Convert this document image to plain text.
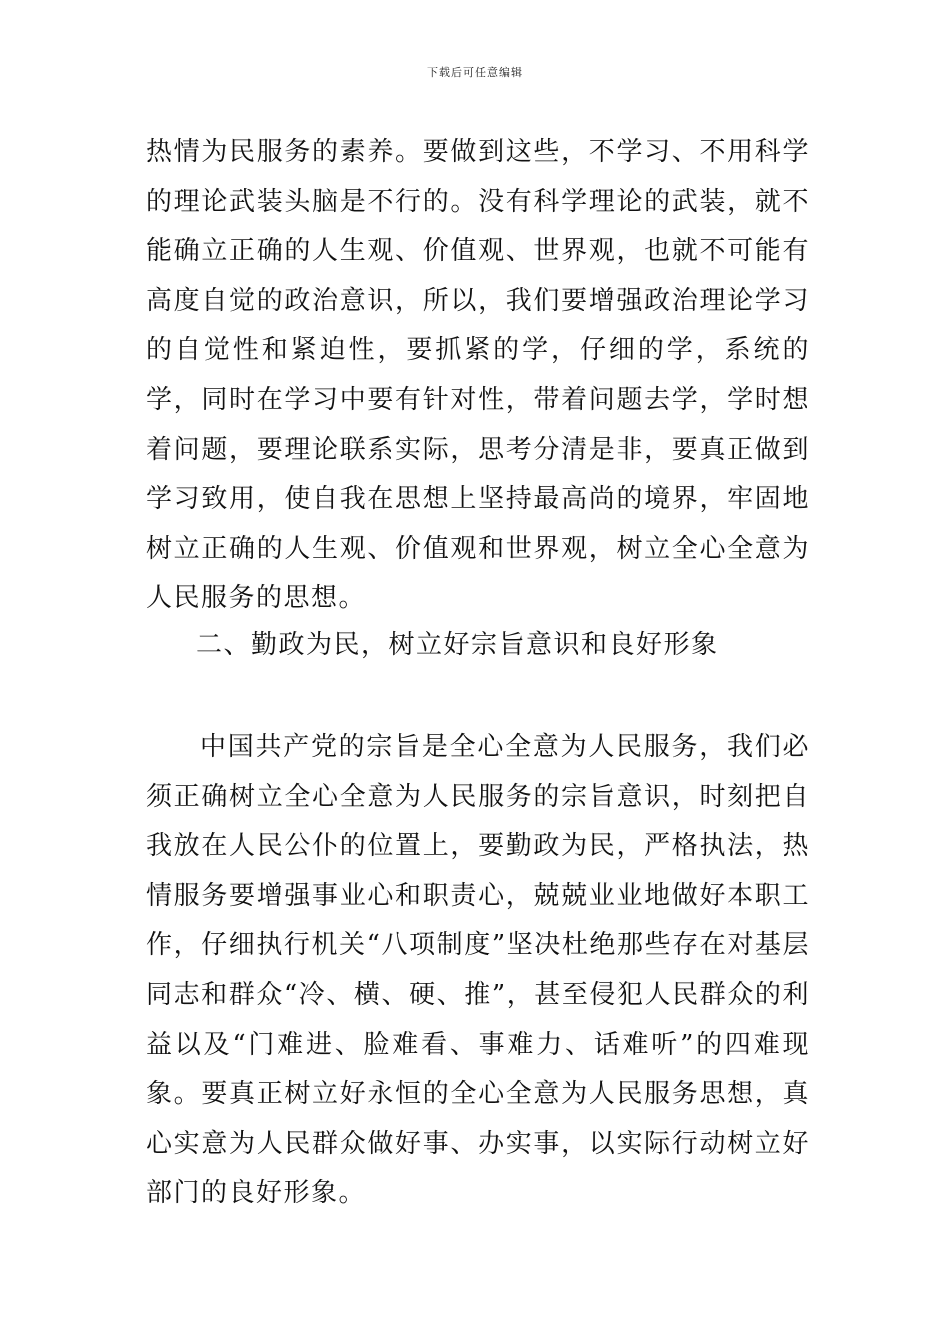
下载后可任意编辑

热情为民服务的素养。要做到这些，不学习、不用科学的理论武装头脑是不行的。没有科学理论的武装，就不能确立正确的人生观、价值观、世界观，也就不可能有高度自觉的政治意识，所以，我们要增强政治理论学习的自觉性和紧迫性，要抓紧的学，仔细的学，系统的学，同时在学习中要有针对性，带着问题去学，学时想着问题，要理论联系实际，思考分清是非，要真正做到学习致用，使自我在思想上坚持最高尚的境界，牢固地树立正确的人生观、价值观和世界观，树立全心全意为人民服务的思想。

二、勤政为民，树立好宗旨意识和良好形象

中国共产党的宗旨是全心全意为人民服务，我们必须正确树立全心全意为人民服务的宗旨意识，时刻把自我放在人民公仆的位置上，要勤政为民，严格执法，热情服务要增强事业心和职责心，兢兢业业地做好本职工作，仔细执行机关“八项制度”坚决杜绝那些存在对基层同志和群众“冷、横、硬、推”，甚至侵犯人民群众的利益以及“门难进、脸难看、事难力、话难听”的四难现象。要真正树立好永恒的全心全意为人民服务思想，真心实意为人民群众做好事、办实事，以实际行动树立好部门的良好形象。
